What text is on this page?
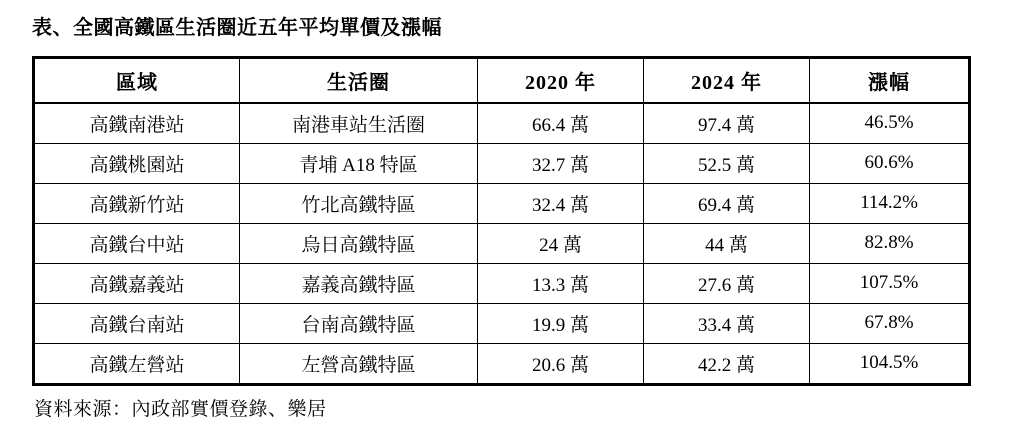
表、全國高鐵區生活圈近五年平均單價及漲幅
區域	生活圈	2020 年	2024 年	漲幅
高鐵南港站	南港車站生活圈	66.4 萬	97.4 萬	46.5%
高鐵桃園站	青埔 A18 特區	32.7 萬	52.5 萬	60.6%
高鐵新竹站	竹北高鐵特區	32.4 萬	69.4 萬	114.2%
高鐵台中站	烏日高鐵特區	24 萬	44 萬	82.8%
高鐵嘉義站	嘉義高鐵特區	13.3 萬	27.6 萬	107.5%
高鐵台南站	台南高鐵特區	19.9 萬	33.4 萬	67.8%
高鐵左營站	左營高鐵特區	20.6 萬	42.2 萬	104.5%

資料來源：內政部實價登錄、樂居
